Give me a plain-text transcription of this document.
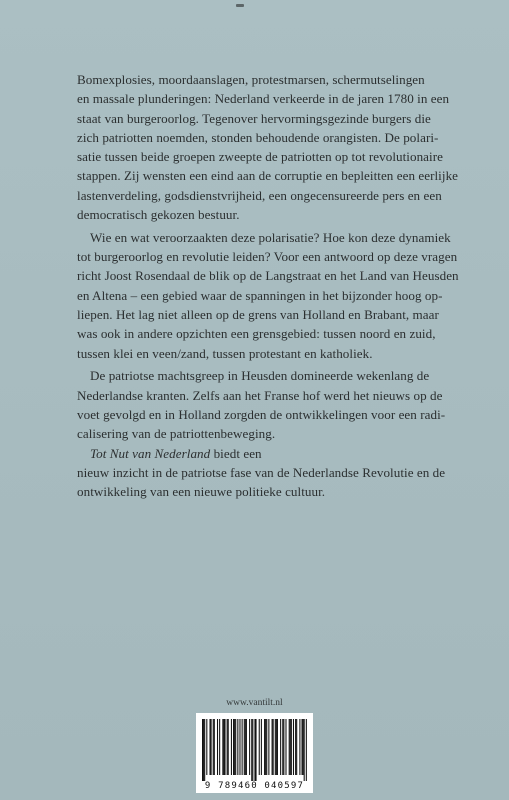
Bomexplosies, moordaanslagen, protestmarsen, schermutselingen
en massale plunderingen: Nederland verkeerde in de jaren 1780 in een
staat van burgeroorlog. Tegenover hervormingsgezinde burgers die
zich patriotten noemden, stonden behoudende orangisten. De polari-
satie tussen beide groepen zweepte de patriotten op tot revolutionaire
stappen. Zij wensten een eind aan de corruptie en bepleitten een eerlijke
lastenverdeling, godsdienstvrijheid, een ongecensureerde pers en een
democratisch gekozen bestuur.

Wie en wat veroorzaakten deze polarisatie? Hoe kon deze dynamiek
tot burgeroorlog en revolutie leiden? Voor een antwoord op deze vragen
richt Joost Rosendaal de blik op de Langstraat en het Land van Heusden
en Altena – een gebied waar de spanningen in het bijzonder hoog op-
liepen. Het lag niet alleen op de grens van Holland en Brabant, maar
was ook in andere opzichten een grensgebied: tussen noord en zuid,
tussen klei en veen/zand, tussen protestant en katholiek.

De patriotse machtsgreep in Heusden domineerde wekenlang de
Nederlandse kranten. Zelfs aan het Franse hof werd het nieuws op de
voet gevolgd en in Holland zorgden de ontwikkelingen voor een radi-
calisering van de patriottenbeweging.
Tot Nut van Nederland biedt een
nieuw inzicht in de patriotse fase van de Nederlandse Revolutie en de
ontwikkeling van een nieuwe politieke cultuur.

www.vantilt.nl
9 789460 040597
